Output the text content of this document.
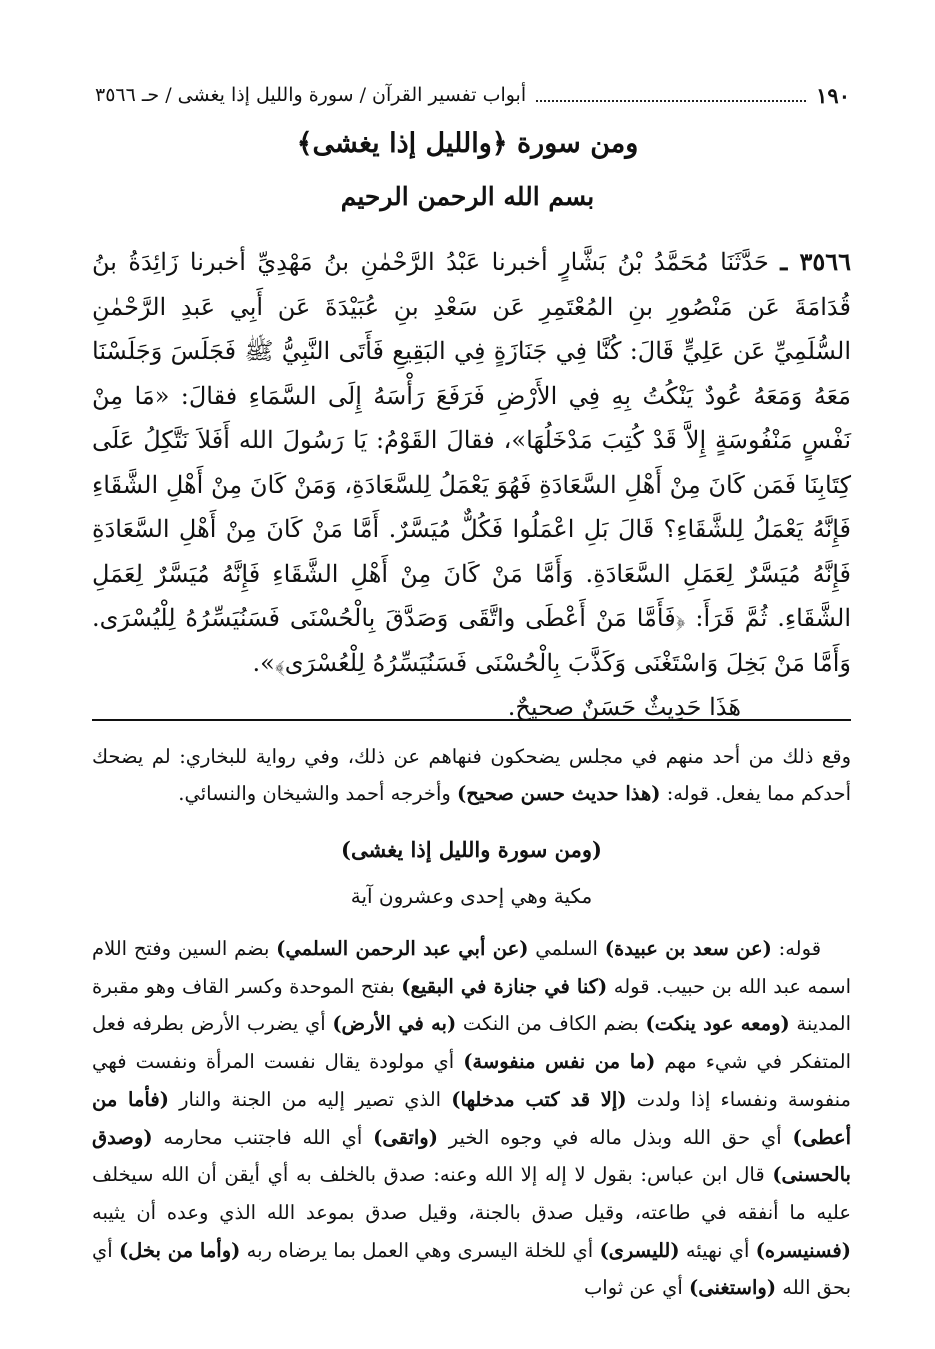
١٩٠
أبواب تفسير القرآن / سورة والليل إذا يغشى / حـ ٣٥٦٦
ومن سورة ﴿والليل إذا يغشى﴾
بسم الله الرحمن الرحيم

٣٥٦٦ ـ حَدَّثَنَا مُحَمَّدُ بْنُ بَشَّارٍ أخبرنا عَبْدُ الرَّحْمٰنِ بنُ مَهْدِيِّ أخبرنا زَائِدَةُ بنُ قُدَامَةَ عَن مَنْصُورِ بنِ المُعْتَمِرِ عَن سَعْدِ بنِ عُبَيْدَةَ عَن أَبِي عَبدِ الرَّحْمٰنِ السُّلَمِيِّ عَن عَلِيٍّ قَالَ: كُنَّا فِي جَنَازَةٍ فِي البَقِيعِ فَأَتَى النَّبِيُّ ﷺ فَجَلَسَ وَجَلَسْنَا مَعَهُ وَمَعَهُ عُودٌ يَنْكُتُ بِهِ فِي الأَرْضِ فَرَفَعَ رَأْسَهُ إِلَى السَّمَاءِ فقالَ: «مَا مِنْ نَفْسٍ مَنْفُوسَةٍ إِلاَّ قَدْ كُتِبَ مَدْخَلُهَا»، فقالَ القَوْمُ: يَا رَسُولَ الله أَفَلاَ نَتَّكِلُ عَلَى كِتَابِنَا فَمَن كَانَ مِنْ أَهْلِ السَّعَادَةِ فَهُوَ يَعْمَلُ لِلسَّعَادَةِ، وَمَنْ كَانَ مِنْ أَهْلِ الشَّقَاءِ فَإِنَّهُ يَعْمَلُ لِلشَّقَاءِ؟ قَالَ بَلِ اعْمَلُوا فَكُلٌّ مُيَسَّرٌ. أَمَّا مَنْ كَانَ مِنْ أَهْلِ السَّعَادَةِ فَإِنَّهُ مُيَسَّرٌ لِعَمَلِ السَّعَادَةِ. وَأَمَّا مَنْ كَانَ مِنْ أَهْلِ الشَّقَاءِ فَإِنَّهُ مُيَسَّرٌ لِعَمَلِ الشَّقَاءِ. ثُمَّ قَرَأَ: ﴿فَأَمَّا مَنْ أَعْطَى واتَّقَى وَصَدَّقَ بِالْحُسْنَى فَسَنُيَسِّرُهُ لِلْيُسْرَى. وَأَمَّا مَنْ بَخِلَ وَاسْتَغْنَى وَكَذَّبَ بِالْحُسْنَى فَسَنُيَسِّرُهُ لِلْعُسْرَى﴾».
هَذَا حَدِيثٌ حَسَنٌ صحيحٌ.

وقع ذلك من أحد منهم في مجلس يضحكون فنهاهم عن ذلك، وفي رواية للبخاري: لم يضحك أحدكم مما يفعل. قوله: (هذا حديث حسن صحيح) وأخرجه أحمد والشيخان والنسائي.

(ومن سورة والليل إذا يغشى)
مكية وهي إحدى وعشرون آية

قوله: (عن سعد بن عبيدة) السلمي (عن أبي عبد الرحمن السلمي) بضم السين وفتح اللام اسمه عبد الله بن حبيب. قوله (كنا في جنازة في البقيع) بفتح الموحدة وكسر القاف وهو مقبرة المدينة (ومعه عود ينكت) بضم الكاف من النكت (به في الأرض) أي يضرب الأرض بطرفه فعل المتفكر في شيء مهم (ما من نفس منفوسة) أي مولودة يقال نفست المرأة ونفست فهي منفوسة ونفساء إذا ولدت (إلا قد كتب مدخلها) الذي تصير إليه من الجنة والنار (فأما من أعطى) أي حق الله وبذل ماله في وجوه الخير (واتقى) أي الله فاجتنب محارمه (وصدق بالحسنى) قال ابن عباس: بقول لا إله إلا الله وعنه: صدق بالخلف به أي أيقن أن الله سيخلف عليه ما أنفقه في طاعته، وقيل صدق بالجنة، وقيل صدق بموعد الله الذي وعده أن يثيبه (فسنيسره) أي نهيئه (لليسرى) أي للخلة اليسرى وهي العمل بما يرضاه ربه (وأما من بخل) أي بحق الله (واستغنى) أي عن ثواب
